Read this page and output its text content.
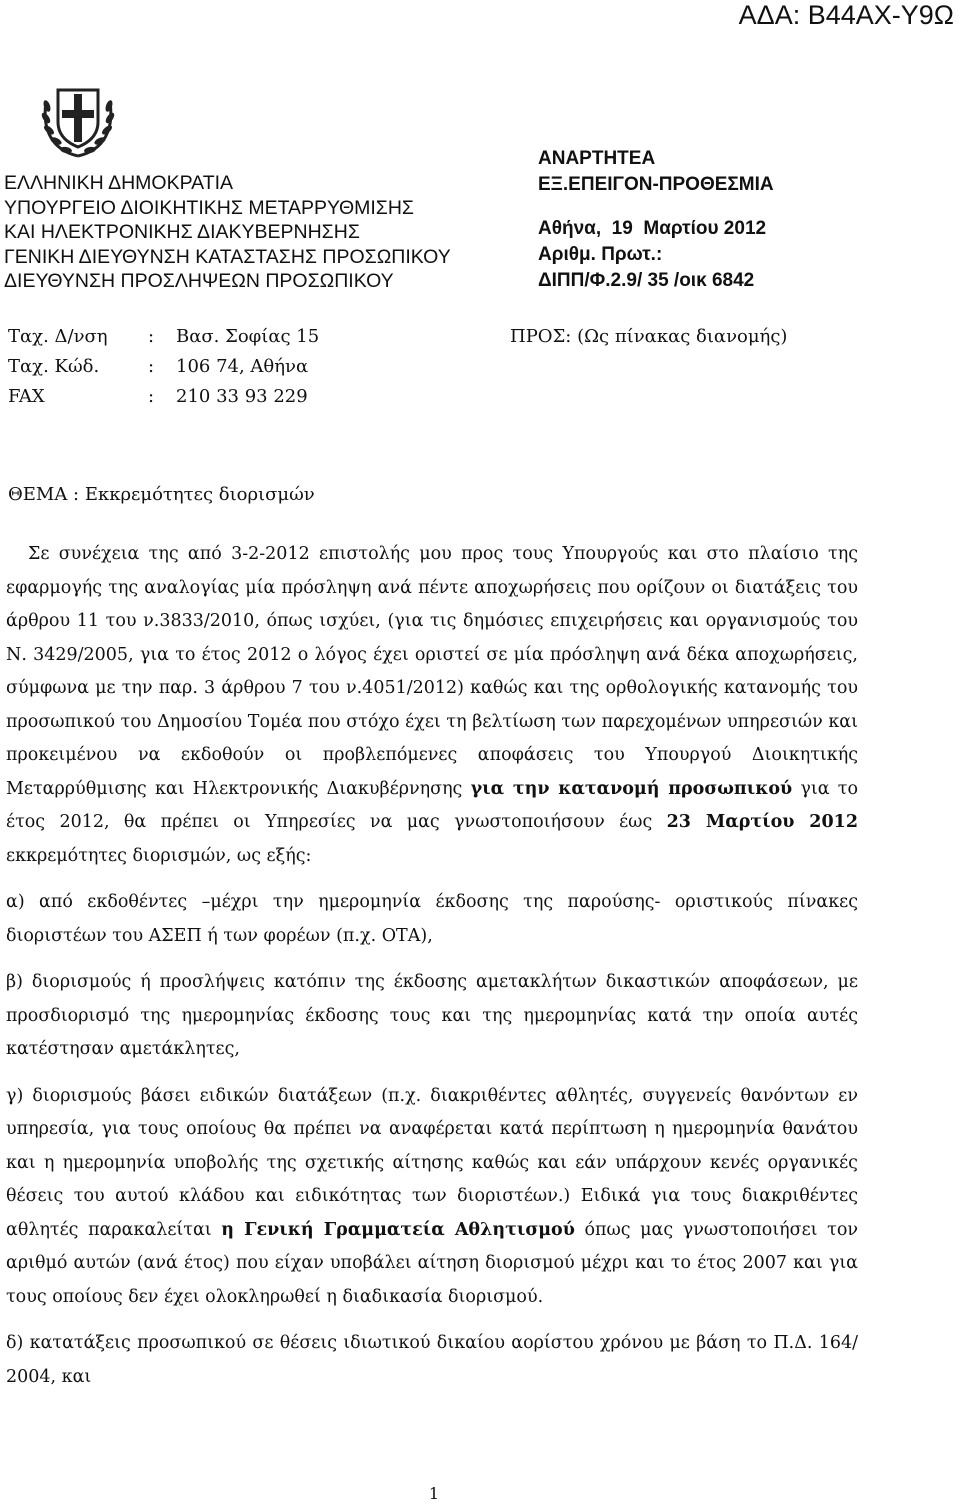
ΑΔΑ: Β44ΑΧ-Υ9Ω
ΕΛΛΗΝΙΚΗ ΔΗΜΟΚΡΑΤΙΑ
ΥΠΟΥΡΓΕΙΟ ΔΙΟΙΚΗΤΙΚΗΣ ΜΕΤΑΡΡΥΘΜΙΣΗΣ
ΚΑΙ ΗΛΕΚΤΡΟΝΙΚΗΣ ΔΙΑΚΥΒΕΡΝΗΣΗΣ
ΓΕΝΙΚΗ ΔΙΕΥΘΥΝΣΗ ΚΑΤΑΣΤΑΣΗΣ ΠΡΟΣΩΠΙΚΟΥ
ΔΙΕΥΘΥΝΣΗ ΠΡΟΣΛΗΨΕΩΝ ΠΡΟΣΩΠΙΚΟΥ
ΑΝΑΡΤΗΤΕΑ
ΕΞ.ΕΠΕΙΓΟΝ-ΠΡΟΘΕΣΜΙΑ
Αθήνα,  19  Μαρτίου 2012
Αριθμ. Πρωτ.:
ΔΙΠΠ/Φ.2.9/ 35 /οικ 6842
Ταχ. Δ/νση	:	Βασ. Σοφίας 15
Ταχ. Κώδ.	:	106 74, Αθήνα
FAX	:	210 33 93 229
ΠΡΟΣ: (Ως πίνακας διανομής)
ΘΕΜΑ : Εκκρεμότητες διορισμών

Σε συνέχεια της από 3-2-2012 επιστολής μου προς τους Υπουργούς και στο πλαίσιο της εφαρμογής της αναλογίας μία πρόσληψη ανά πέντε αποχωρήσεις που ορίζουν οι διατάξεις του άρθρου 11 του ν.3833/2010, όπως ισχύει, (για τις δημόσιες επιχειρήσεις και οργανισμούς του Ν. 3429/2005, για το έτος 2012 ο λόγος έχει οριστεί σε μία πρόσληψη ανά δέκα αποχωρήσεις, σύμφωνα με την παρ. 3 άρθρου 7 του ν.4051/2012) καθώς και της ορθολογικής κατανομής του προσωπικού του Δημοσίου Τομέα που στόχο έχει τη βελτίωση των παρεχομένων υπηρεσιών και προκειμένου να εκδοθούν οι προβλεπόμενες αποφάσεις του Υπουργού Διοικητικής Μεταρρύθμισης και Ηλεκτρονικής Διακυβέρνησης για την κατανομή προσωπικού για το έτος 2012, θα πρέπει οι Υπηρεσίες να μας γνωστοποιήσουν έως 23 Μαρτίου 2012 εκκρεμότητες διορισμών, ως εξής:

α) από εκδοθέντες –μέχρι την ημερομηνία έκδοσης της παρούσης- οριστικούς πίνακες διοριστέων του ΑΣΕΠ ή των φορέων (π.χ. ΟΤΑ),

β) διορισμούς ή προσλήψεις κατόπιν της έκδοσης αμετακλήτων δικαστικών αποφάσεων, με προσδιορισμό της ημερομηνίας έκδοσης τους και της ημερομηνίας κατά την οποία αυτές κατέστησαν αμετάκλητες,

γ) διορισμούς βάσει ειδικών διατάξεων (π.χ. διακριθέντες αθλητές, συγγενείς θανόντων εν υπηρεσία, για τους οποίους θα πρέπει να αναφέρεται κατά περίπτωση η ημερομηνία θανάτου και η ημερομηνία υποβολής της σχετικής αίτησης καθώς και εάν υπάρχουν κενές οργανικές θέσεις του αυτού κλάδου και ειδικότητας των διοριστέων.) Ειδικά για τους διακριθέντες αθλητές παρακαλείται η Γενική Γραμματεία Αθλητισμού όπως μας γνωστοποιήσει τον αριθμό αυτών (ανά έτος) που είχαν υποβάλει αίτηση διορισμού μέχρι και το έτος 2007 και για τους οποίους δεν έχει ολοκληρωθεί η διαδικασία διορισμού.

δ) κατατάξεις προσωπικού σε θέσεις ιδιωτικού δικαίου αορίστου χρόνου με βάση το Π.Δ. 164/ 2004, και

1
